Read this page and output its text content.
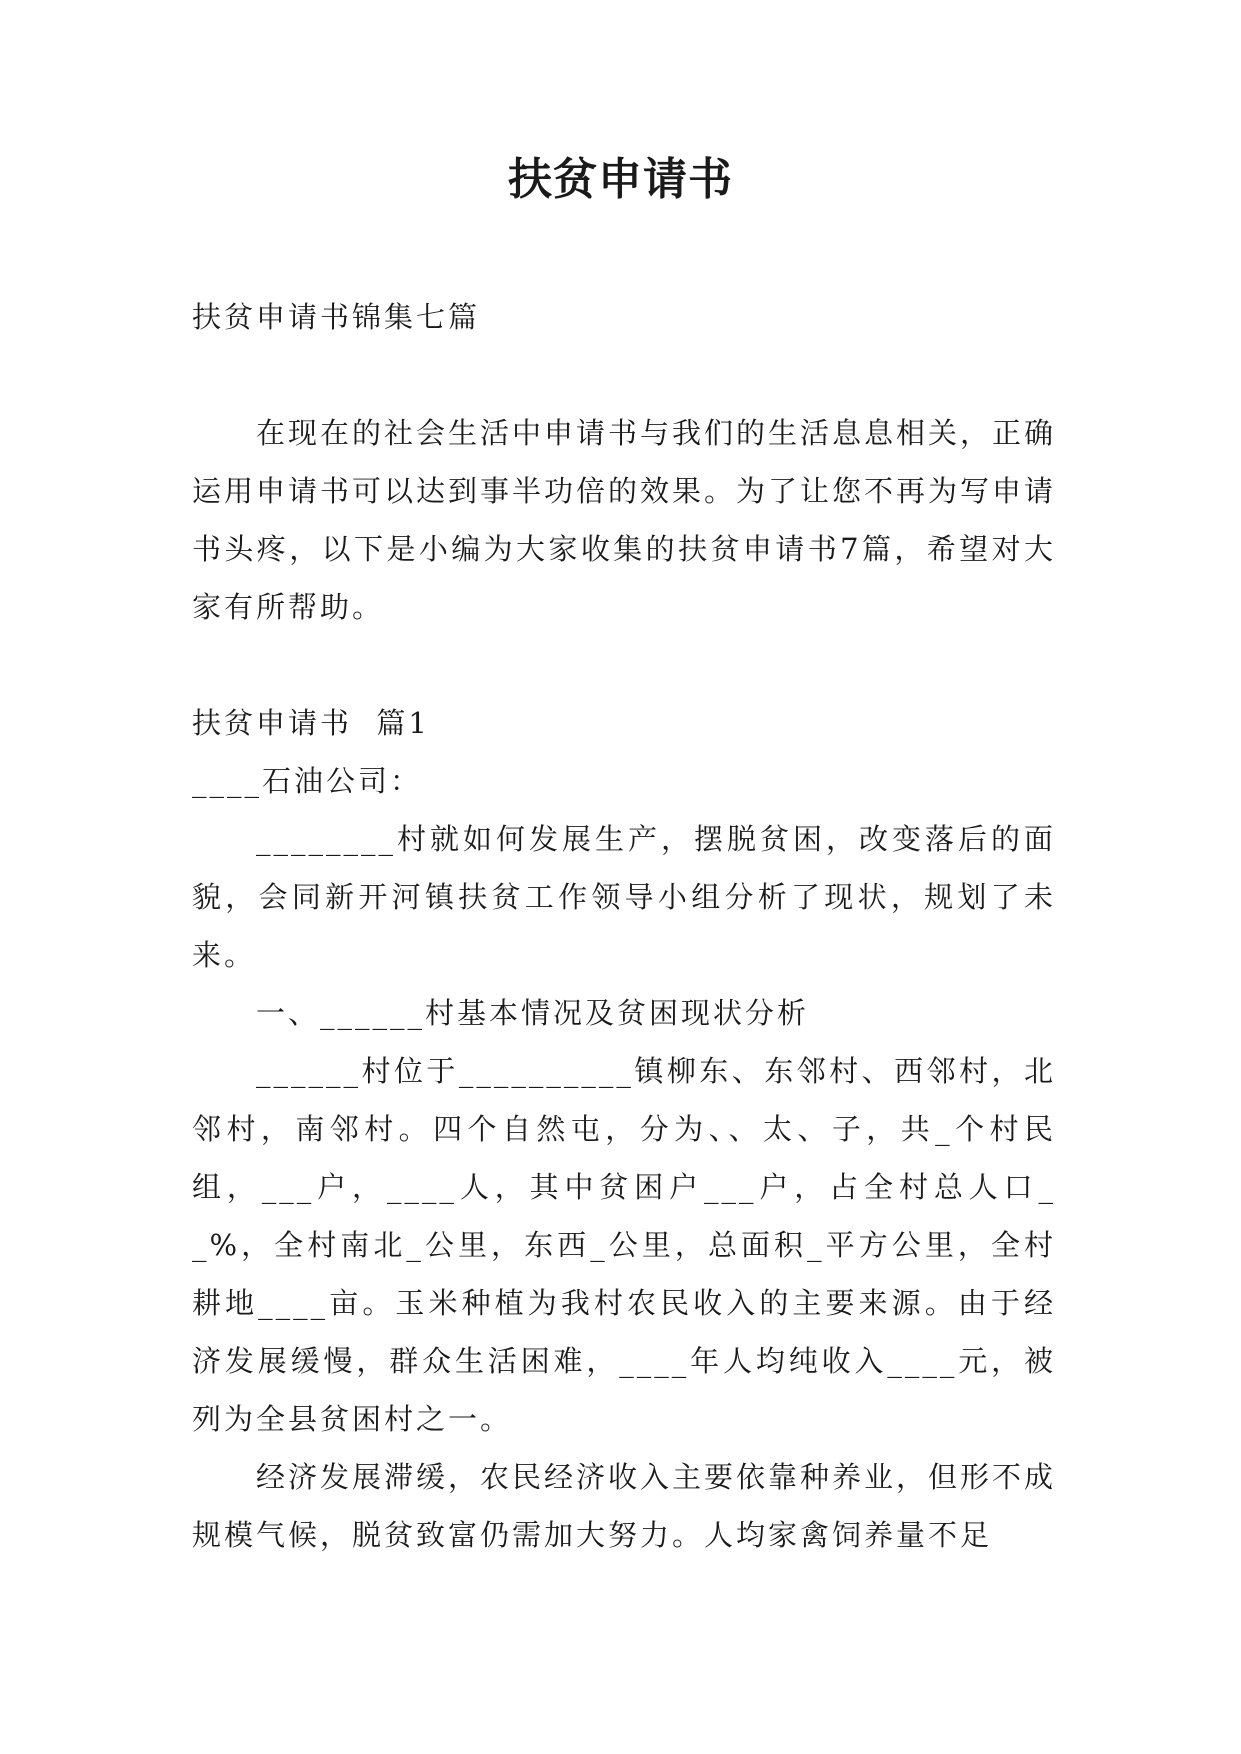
扶贫申请书

扶贫申请书锦集七篇

在现在的社会生活中申请书与我们的生活息息相关，正确运用申请书可以达到事半功倍的效果。为了让您不再为写申请书头疼，以下是小编为大家收集的扶贫申请书7篇，希望对大家有所帮助。

扶贫申请书  篇1

____石油公司：

________村就如何发展生产，摆脱贫困，改变落后的面貌，会同新开河镇扶贫工作领导小组分析了现状，规划了未来。

一、______村基本情况及贫困现状分析

______村位于__________镇柳东、东邻村、西邻村，北邻村，南邻村。四个自然屯，分为、、太、子，共_个村民组，___户，____人，其中贫困户___户，占全村总人口__%，全村南北_公里，东西_公里，总面积_平方公里，全村耕地____亩。玉米种植为我村农民收入的主要来源。由于经济发展缓慢，群众生活困难，____年人均纯收入____元，被列为全县贫困村之一。

经济发展滞缓，农民经济收入主要依靠种养业，但形不成规模气候，脱贫致富仍需加大努力。人均家禽饲养量不足
